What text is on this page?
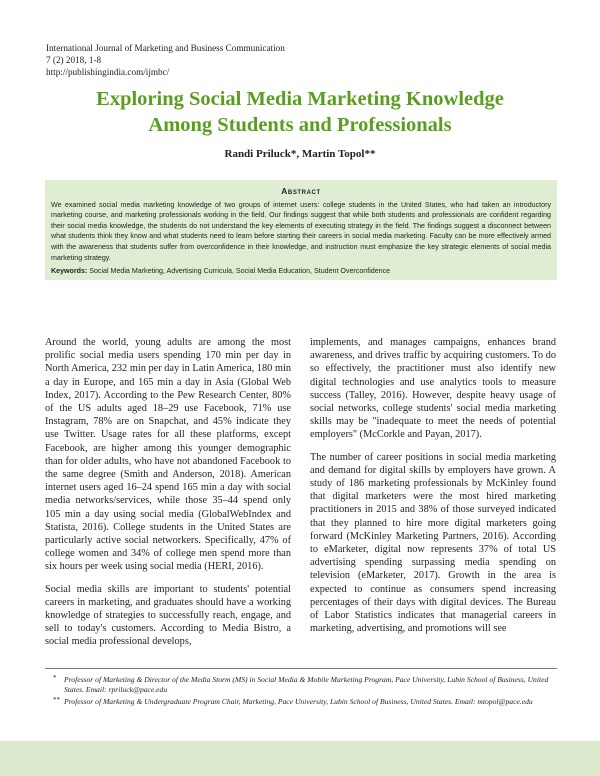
International Journal of Marketing and Business Communication
7 (2) 2018, 1-8
http://publishingindia.com/ijmbc/
Exploring Social Media Marketing Knowledge
Among Students and Professionals
Randi Priluck*, Martin Topol**
Abstract
We examined social media marketing knowledge of two groups of internet users: college students in the United States, who had taken an introductory marketing course, and marketing professionals working in the field. Our findings suggest that while both students and professionals are confident regarding their social media knowledge, the students do not understand the key elements of executing strategy in the field. The findings suggest a disconnect between what students think they know and what students need to learn before starting their careers in social media marketing. Faculty can be more effectively armed with the awareness that students suffer from overconfidence in their knowledge, and instruction must emphasize the key strategic elements of social media marketing strategy.
Keywords: Social Media Marketing, Advertising Curricula, Social Media Education, Student Overconfidence

Around the world, young adults are among the most prolific social media users spending 170 min per day in North America, 232 min per day in Latin America, 180 min a day in Europe, and 165 min a day in Asia (Global Web Index, 2017). According to the Pew Research Center, 80% of the US adults aged 18–29 use Facebook, 71% use Instagram, 78% are on Snapchat, and 45% indicate they use Twitter. Usage rates for all these platforms, except Facebook, are higher among this younger demographic than for older adults, who have not abandoned Facebook to the same degree (Smith and Anderson, 2018). American internet users aged 16–24 spend 165 min a day with social media networks/services, while those 35–44 spend only 105 min a day using social media (GlobalWebIndex and Statista, 2016). College students in the United States are particularly active social networkers. Specifically, 47% of college women and 34% of college men spend more than six hours per week using social media (HERI, 2016).

Social media skills are important to students' potential careers in marketing, and graduates should have a working knowledge of strategies to successfully reach, engage, and sell to today's customers. According to Media Bistro, a social media professional develops,

implements, and manages campaigns, enhances brand awareness, and drives traffic by acquiring customers. To do so effectively, the practitioner must also identify new digital technologies and use analytics tools to measure success (Talley, 2016). However, despite heavy usage of social networks, college students' social media marketing skills may be "inadequate to meet the needs of potential employers" (McCorkle and Payan, 2017).

The number of career positions in social media marketing and demand for digital skills by employers have grown. A study of 186 marketing professionals by McKinley found that digital marketers were the most hired marketing practitioners in 2015 and 38% of those surveyed indicated that they planned to hire more digital marketers going forward (McKinley Marketing Partners, 2016). According to eMarketer, digital now represents 37% of total US advertising spending surpassing media spending on television (eMarketer, 2017). Growth in the area is expected to continue as consumers spend increasing percentages of their days with digital devices. The Bureau of Labor Statistics indicates that managerial careers in marketing, advertising, and promotions will see

* Professor of Marketing & Director of the Media Storm (MS) in Social Media & Mobile Marketing Program, Pace University, Lubin School of Business, United States. Email: rpriluck@pace.edu
** Professor of Marketing & Undergraduate Program Chair, Marketing, Pace University, Lubin School of Business, United States. Email: mtopol@pace.edu
